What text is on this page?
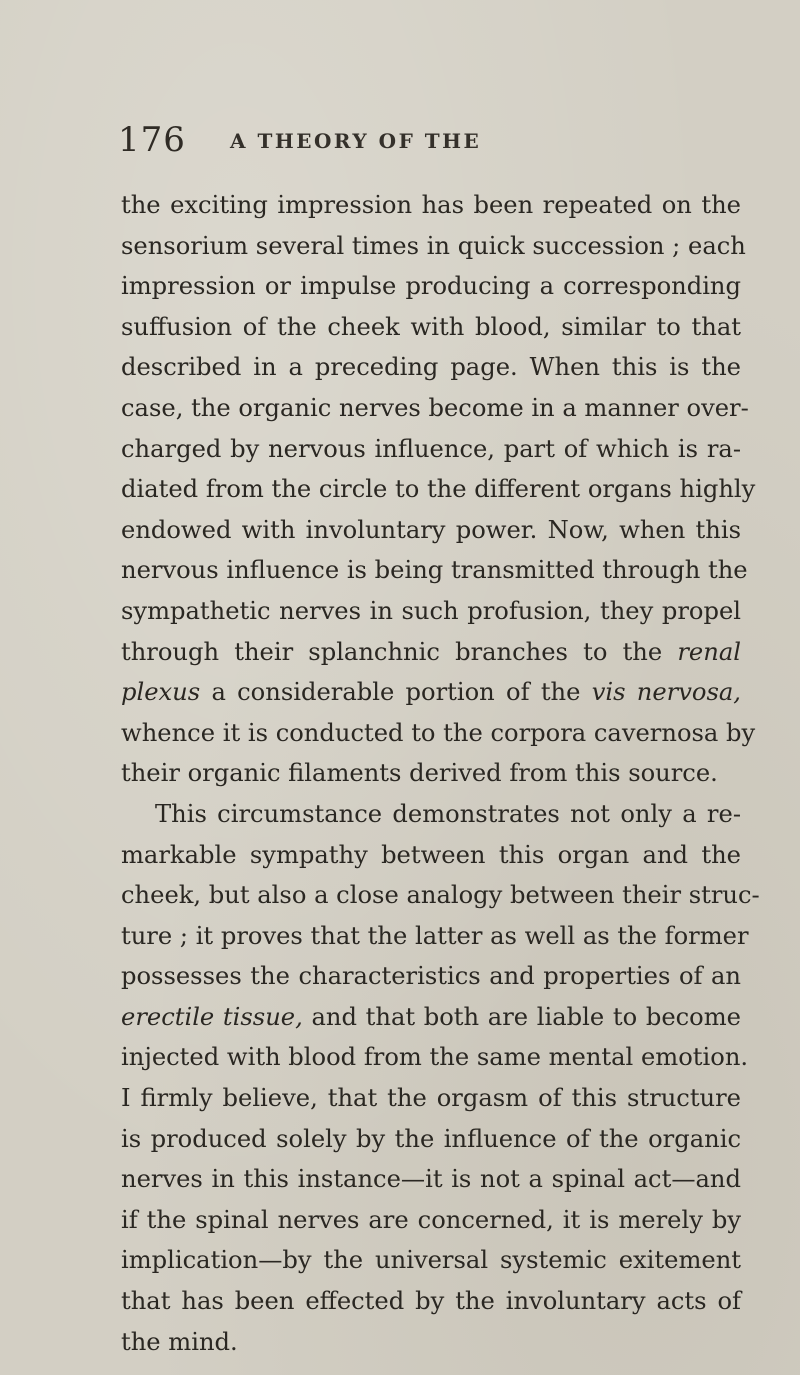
176 A THEORY OF THE
the exciting impression has been repeated on the
sensorium several times in quick succession ; each
impression or impulse producing a corresponding
suffusion of the cheek with blood, similar to that
described in a preceding page. When this is the
case, the organic nerves become in a manner over-
charged by nervous influence, part of which is ra-
diated from the circle to the different organs highly
endowed with involuntary power. Now, when this
nervous influence is being transmitted through the
sympathetic nerves in such profusion, they propel
through their splanchnic branches to the renal
plexus a considerable portion of the vis nervosa,
whence it is conducted to the corpora cavernosa by
their organic filaments derived from this source.
This circumstance demonstrates not only a re-
markable sympathy between this organ and the
cheek, but also a close analogy between their struc-
ture ; it proves that the latter as well as the former
possesses the characteristics and properties of an
erectile tissue, and that both are liable to become
injected with blood from the same mental emotion.
I firmly believe, that the orgasm of this structure
is produced solely by the influence of the organic
nerves in this instance—it is not a spinal act—and
if the spinal nerves are concerned, it is merely by
implication—by the universal systemic exitement
that has been effected by the involuntary acts of
the mind.
